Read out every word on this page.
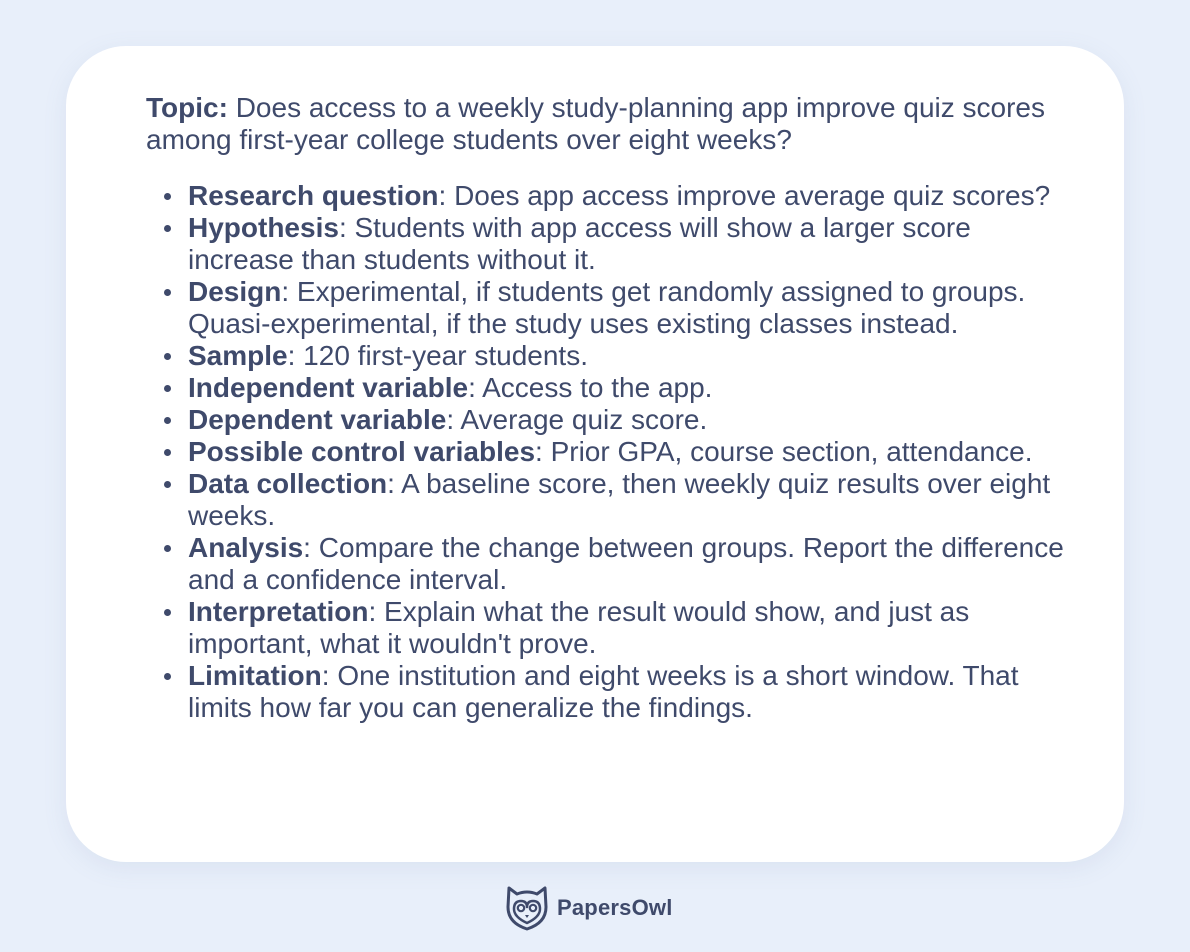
Topic: Does access to a weekly study-planning app improve quiz scores among first-year college students over eight weeks?

Research question: Does app access improve average quiz scores?
Hypothesis: Students with app access will show a larger score increase than students without it.
Design: Experimental, if students get randomly assigned to groups. Quasi-experimental, if the study uses existing classes instead.
Sample: 120 first-year students.
Independent variable: Access to the app.
Dependent variable: Average quiz score.
Possible control variables: Prior GPA, course section, attendance.
Data collection: A baseline score, then weekly quiz results over eight weeks.
Analysis: Compare the change between groups. Report the difference and a confidence interval.
Interpretation: Explain what the result would show, and just as important, what it wouldn't prove.
Limitation: One institution and eight weeks is a short window. That limits how far you can generalize the findings.
PapersOwl
